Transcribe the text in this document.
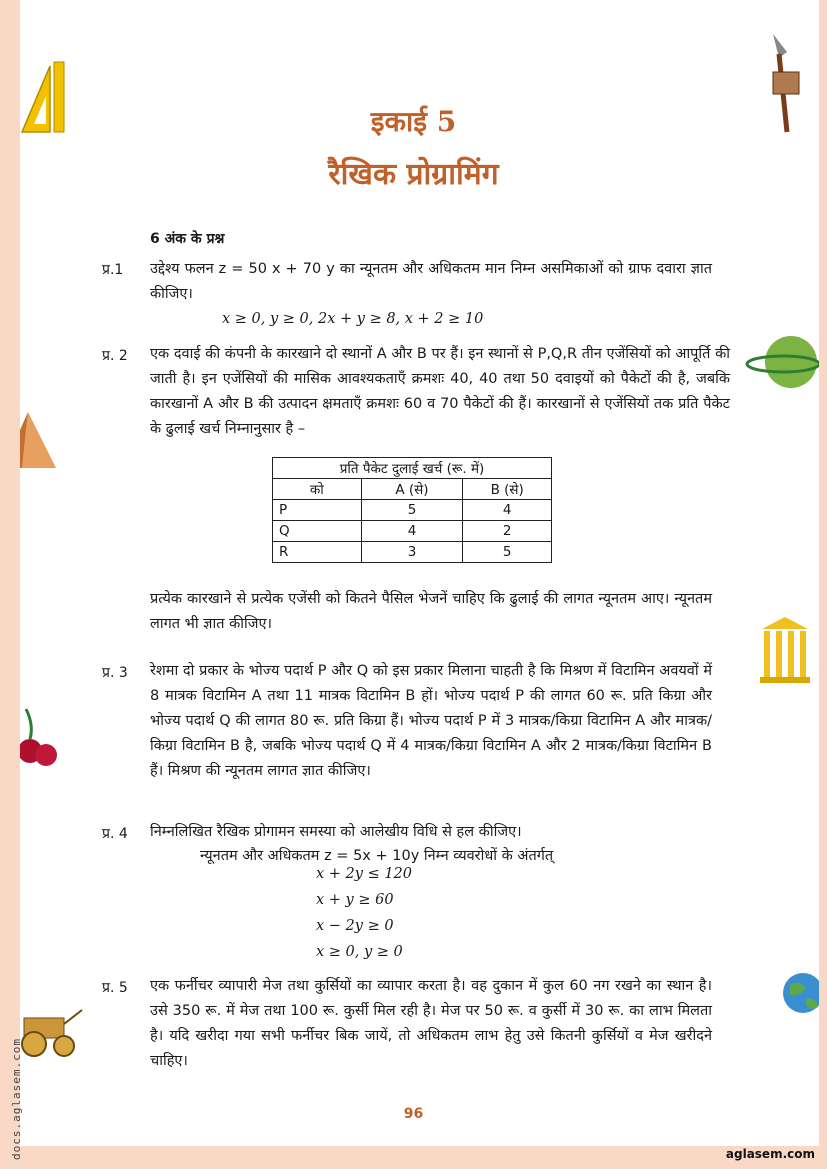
इकाई 5
रैखिक प्रोग्रामिंग
6 अंक के प्रश्न
प्र.1 उद्देश्य फलन z = 50 x + 70 y का न्यूनतम और अधिकतम मान निम्न असमिकाओं को ग्राफ दवारा ज्ञात कीजिए।
x ≥ 0, y ≥ 0, 2x + y ≥ 8, x + 2 ≥ 10
प्र. 2 एक दवाई की कंपनी के कारखाने दो स्थानों A और B पर हैं। इन स्थानों से P,Q,R तीन एजेंसियों को आपूर्ति की जाती है। इन एजेंसियों की मासिक आवश्यकताएँ क्रमशः 40, 40 तथा 50 दवाइयों को पैकेटों की है, जबकि कारखानों A और B की उत्पादन क्षमताएँ क्रमशः 60 व 70 पैकेटों की हैं। कारखानों से एजेंसियों तक प्रति पैकेट के ढुलाई खर्च निम्नानुसार है –
प्रति पैकेट दुलाई खर्च (रू. में)		
को	A (से)	B (से)
P	5	4
Q	4	2
R	3	5
प्रत्येक कारखाने से प्रत्येक एजेंसी को कितने पैसिल भेजनें चाहिए कि ढुलाई की लागत न्यूनतम आए। न्यूनतम लागत भी ज्ञात कीजिए।
प्र. 3 रेशमा दो प्रकार के भोज्य पदार्थ P और Q को इस प्रकार मिलाना चाहती है कि मिश्रण में विटामिन अवयवों में 8 मात्रक विटामिन A तथा 11 मात्रक विटामिन B हों। भोज्य पदार्थ P की लागत 60 रू. प्रति किग्रा और भोज्य पदार्थ Q की लागत 80 रू. प्रति किग्रा हैं। भोज्य पदार्थ P में 3 मात्रक/किग्रा विटामिन A और मात्रक/किग्रा विटामिन B है, जबकि भोज्य पदार्थ Q में 4 मात्रक/किग्रा विटामिन A और 2 मात्रक/किग्रा विटामिन B हैं। मिश्रण की न्यूनतम लागत ज्ञात कीजिए।
प्र. 4 निम्नलिखित रैखिक प्रोगामन समस्या को आलेखीय विधि से हल कीजिए।
न्यूनतम और अधिकतम z = 5x + 10y निम्न व्यवरोधों के अंतर्गत्
x + 2y ≤ 120
x + y ≥ 60
x − 2y ≥ 0
x ≥ 0, y ≥ 0
प्र. 5 एक फर्नीचर व्यापारी मेज तथा कुर्सियों का व्यापार करता है। वह दुकान में कुल 60 नग रखने का स्थान है। उसे 350 रू. में मेज तथा 100 रू. कुर्सी मिल रही है। मेज पर 50 रू. व कुर्सी में 30 रू. का लाभ मिलता है। यदि खरीदा गया सभी फर्नीचर बिक जायें, तो अधिकतम लाभ हेतु उसे कितनी कुर्सियों व मेज खरीदने चाहिए।
96
aglasem.com
docs.aglasem.com
